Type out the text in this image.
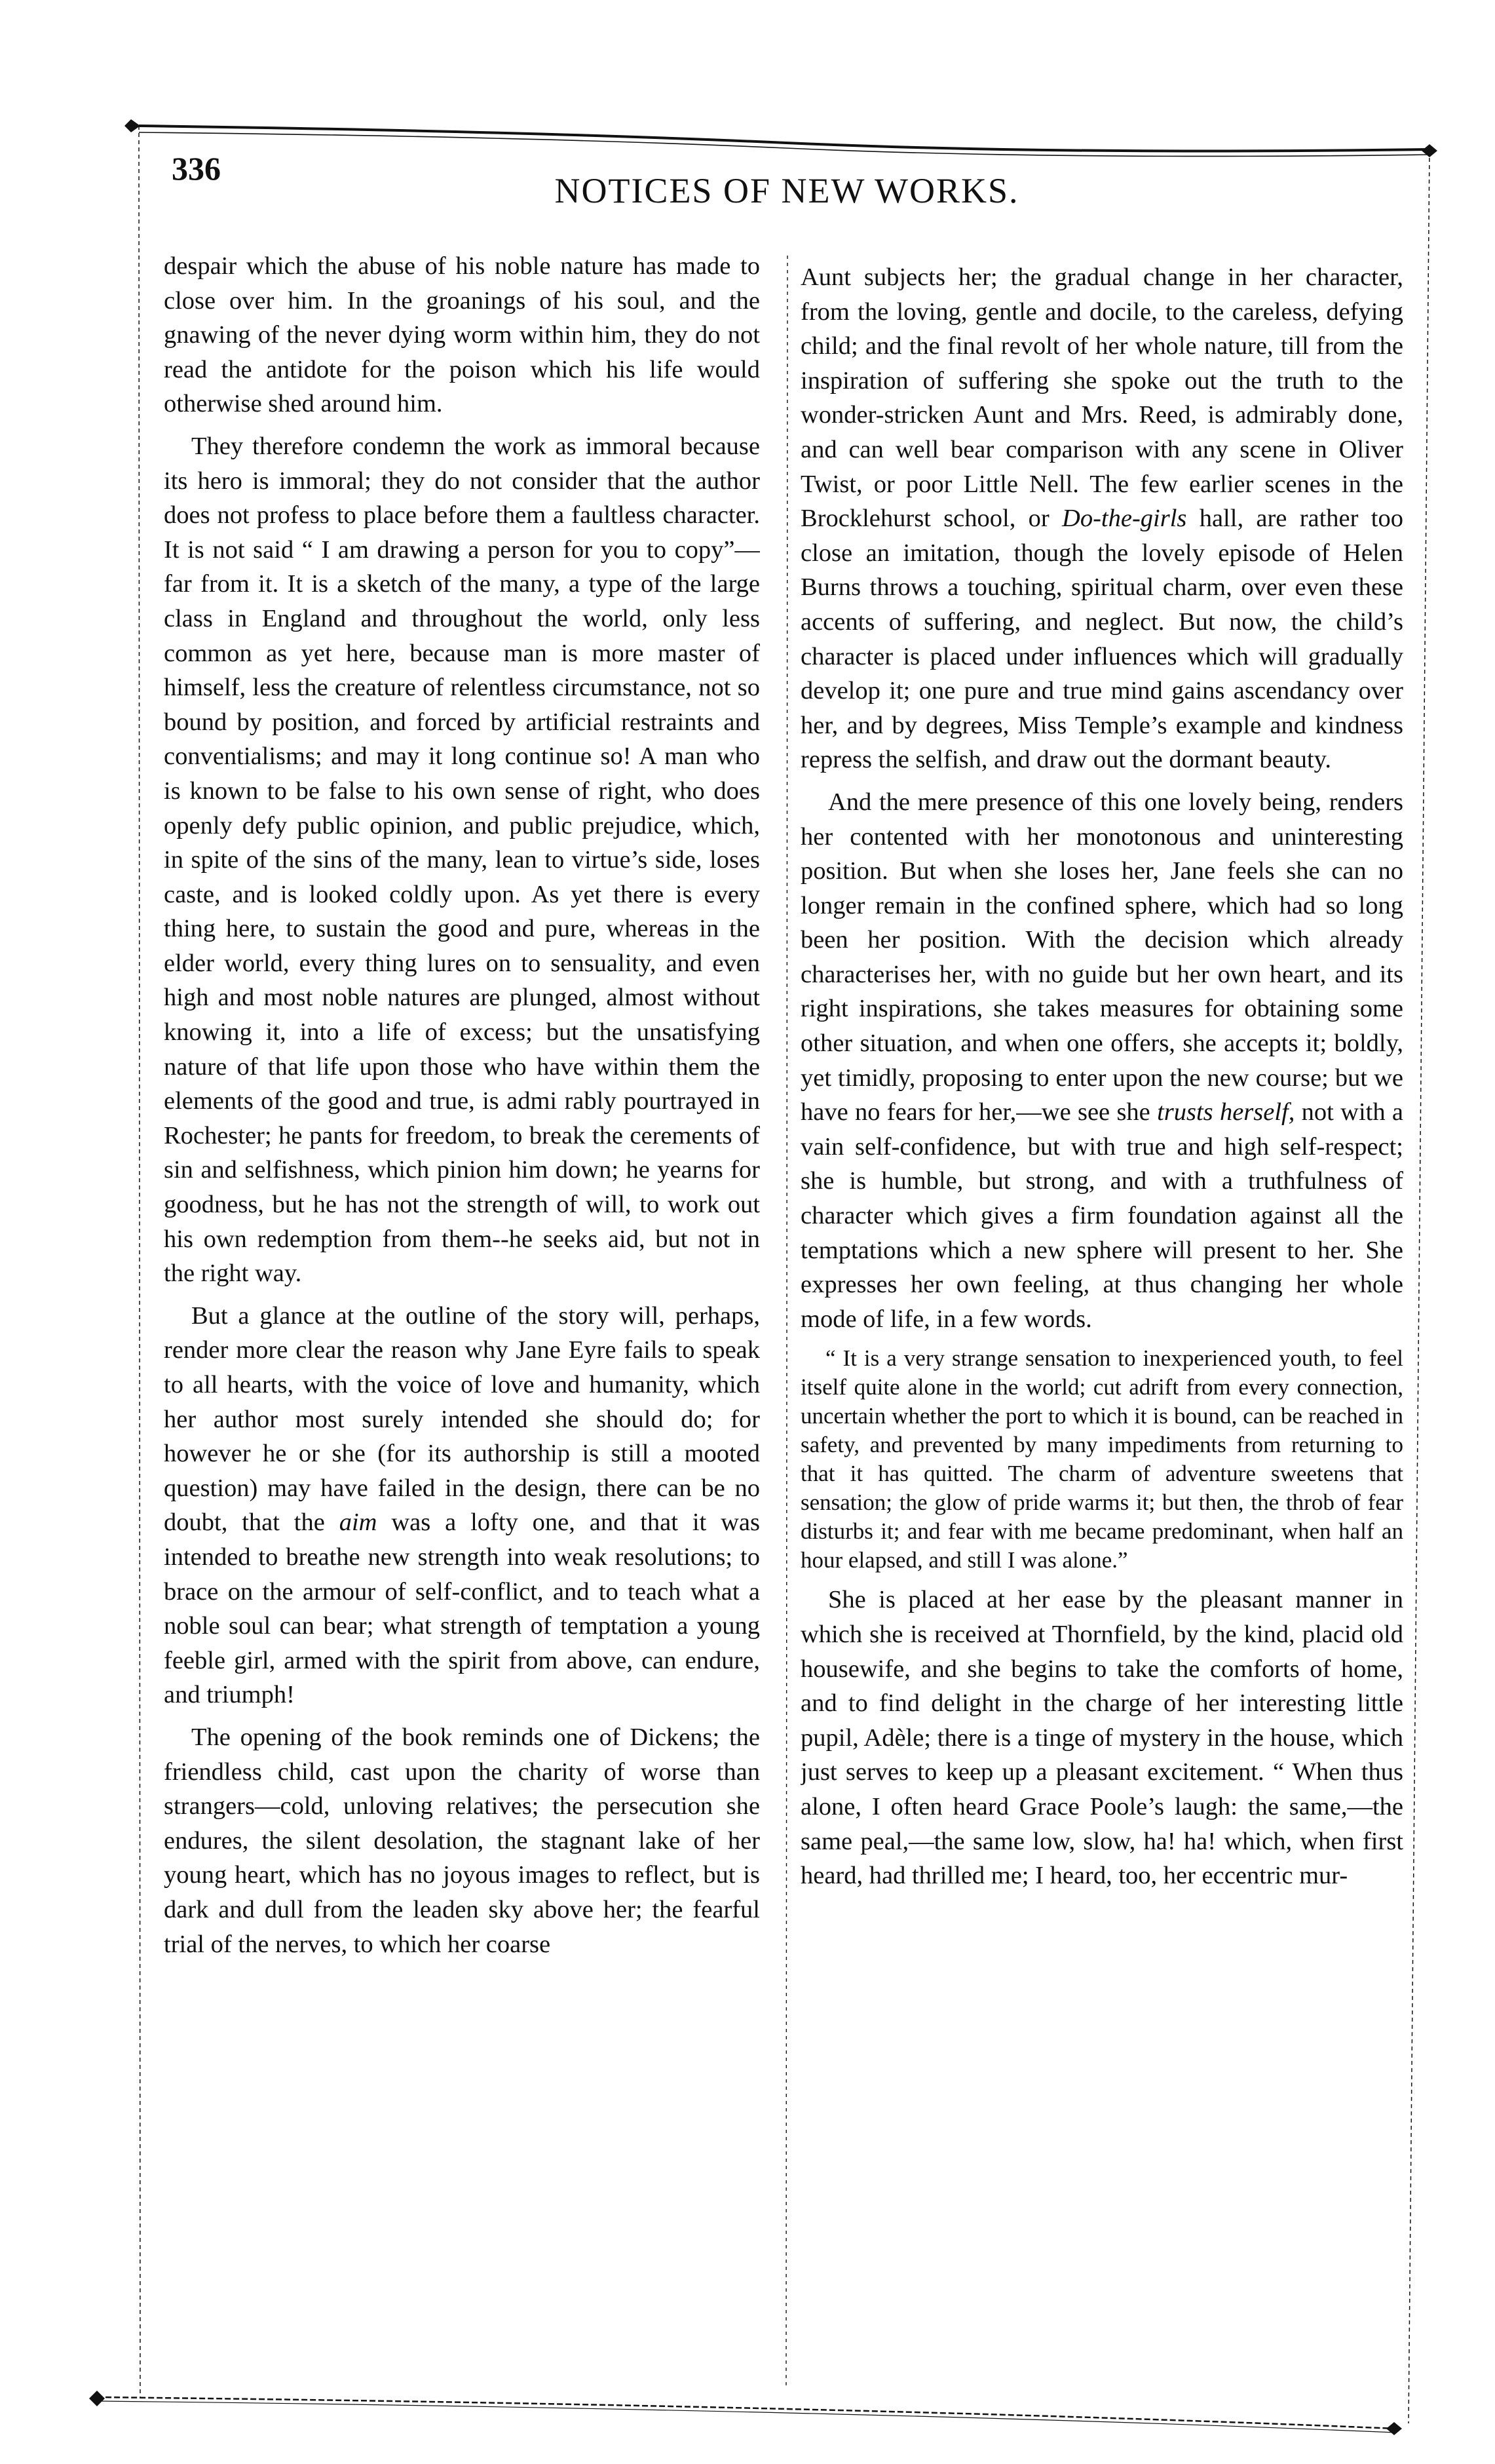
336
NOTICES OF NEW WORKS.

despair which the abuse of his noble nature has made to close over him. In the groanings of his soul, and the gnawing of the never dying worm within him, they do not read the antidote for the poison which his life would otherwise shed around him.

They therefore condemn the work as immoral because its hero is immoral; they do not consider that the author does not profess to place before them a faultless character. It is not said “ I am drawing a person for you to copy”—far from it. It is a sketch of the many, a type of the large class in England and throughout the world, only less common as yet here, because man is more master of himself, less the creature of relentless circumstance, not so bound by position, and forced by artificial restraints and conventialisms; and may it long continue so! A man who is known to be false to his own sense of right, who does openly defy public opinion, and public prejudice, which, in spite of the sins of the many, lean to virtue’s side, loses caste, and is looked coldly upon. As yet there is every thing here, to sustain the good and pure, whereas in the elder world, every thing lures on to sensuality, and even high and most noble natures are plunged, almost without knowing it, into a life of excess; but the unsatisfying nature of that life upon those who have within them the elements of the good and true, is admi rably pourtrayed in Rochester; he pants for freedom, to break the cerements of sin and selfishness, which pinion him down; he yearns for goodness, but he has not the strength of will, to work out his own redemption from them--he seeks aid, but not in the right way.

But a glance at the outline of the story will, perhaps, render more clear the reason why Jane Eyre fails to speak to all hearts, with the voice of love and humanity, which her author most surely intended she should do; for however he or she (for its authorship is still a mooted question) may have failed in the design, there can be no doubt, that the aim was a lofty one, and that it was intended to breathe new strength into weak resolutions; to brace on the armour of self-conflict, and to teach what a noble soul can bear; what strength of temptation a young feeble girl, armed with the spirit from above, can endure, and triumph!

The opening of the book reminds one of Dickens; the friendless child, cast upon the charity of worse than strangers—cold, unloving relatives; the persecution she endures, the silent desolation, the stagnant lake of her young heart, which has no joyous images to reflect, but is dark and dull from the leaden sky above her; the fearful trial of the nerves, to which her coarse

Aunt subjects her; the gradual change in her character, from the loving, gentle and docile, to the careless, defying child; and the final revolt of her whole nature, till from the inspiration of suffering she spoke out the truth to the wonder-stricken Aunt and Mrs. Reed, is admirably done, and can well bear comparison with any scene in Oliver Twist, or poor Little Nell. The few earlier scenes in the Brocklehurst school, or Do-the-girls hall, are rather too close an imitation, though the lovely episode of Helen Burns throws a touching, spiritual charm, over even these accents of suffering, and neglect. But now, the child’s character is placed under influences which will gradually develop it; one pure and true mind gains ascendancy over her, and by degrees, Miss Temple’s example and kindness repress the selfish, and draw out the dormant beauty.

And the mere presence of this one lovely being, renders her contented with her monotonous and uninteresting position. But when she loses her, Jane feels she can no longer remain in the confined sphere, which had so long been her position. With the decision which already characterises her, with no guide but her own heart, and its right inspirations, she takes measures for obtaining some other situation, and when one offers, she accepts it; boldly, yet timidly, proposing to enter upon the new course; but we have no fears for her,—we see she trusts herself, not with a vain self-confidence, but with true and high self-respect; she is humble, but strong, and with a truthfulness of character which gives a firm foundation against all the temptations which a new sphere will present to her. She expresses her own feeling, at thus changing her whole mode of life, in a few words.

“ It is a very strange sensation to inexperienced youth, to feel itself quite alone in the world; cut adrift from every connection, uncertain whether the port to which it is bound, can be reached in safety, and prevented by many impediments from returning to that it has quitted. The charm of adventure sweetens that sensation; the glow of pride warms it; but then, the throb of fear disturbs it; and fear with me became predominant, when half an hour elapsed, and still I was alone.”

She is placed at her ease by the pleasant manner in which she is received at Thornfield, by the kind, placid old housewife, and she begins to take the comforts of home, and to find delight in the charge of her interesting little pupil, Adèle; there is a tinge of mystery in the house, which just serves to keep up a pleasant excitement. “ When thus alone, I often heard Grace Poole’s laugh: the same,—the same peal,—the same low, slow, ha! ha! which, when first heard, had thrilled me; I heard, too, her eccentric mur-
